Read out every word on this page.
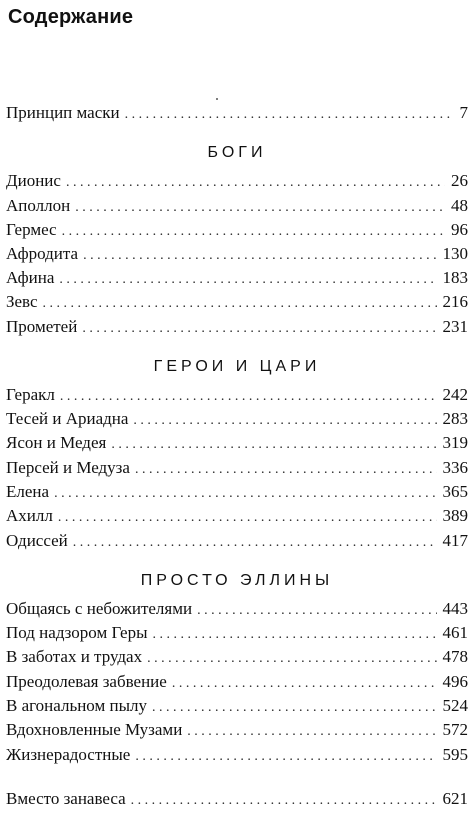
Содержание
Принцип маски . . .	7
БОГИ
Дионис . . .	26
Аполлон . . .	48
Гермес . . .	96
Афродита . . .	130
Афина . . .	183
Зевс . . .	216
Прометей . . .	231
ГЕРОИ И ЦАРИ
Геракл . . .	242
Тесей и Ариадна . . .	283
Ясон и Медея . . .	319
Персей и Медуза . . .	336
Елена . . .	365
Ахилл . . .	389
Одиссей . . .	417
ПРОСТО ЭЛЛИНЫ
Общаясь с небожителями . . .	443
Под надзором Геры . . .	461
В заботах и трудах . . .	478
Преодолевая забвение . . .	496
В агональном пылу . . .	524
Вдохновленные Музами . . .	572
Жизнерадостные . . .	595
Вместо занавеса . . .	621
